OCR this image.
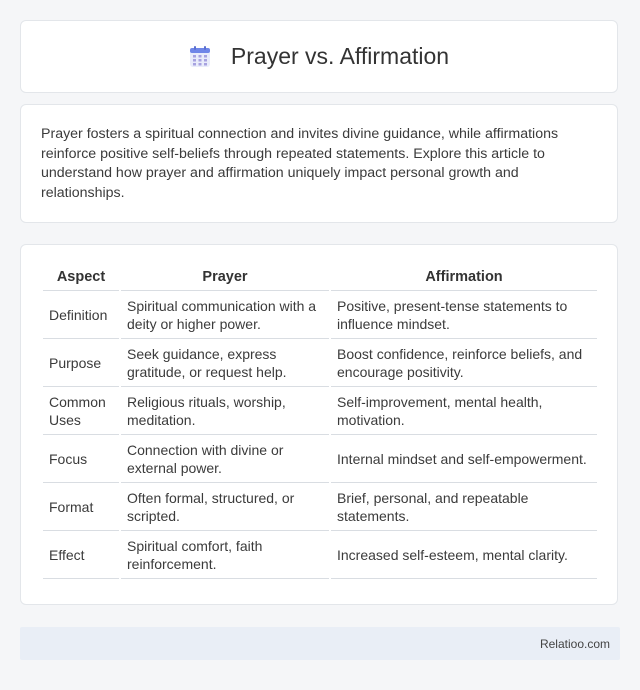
Prayer vs. Affirmation

Prayer fosters a spiritual connection and invites divine guidance, while affirmations reinforce positive self-beliefs through repeated statements. Explore this article to understand how prayer and affirmation uniquely impact personal growth and relationships.

Aspect	Prayer	Affirmation
Definition	Spiritual communication with a deity or higher power.	Positive, present-tense statements to influence mindset.
Purpose	Seek guidance, express gratitude, or request help.	Boost confidence, reinforce beliefs, and encourage positivity.
Common Uses	Religious rituals, worship, meditation.	Self-improvement, mental health, motivation.
Focus	Connection with divine or external power.	Internal mindset and self-empowerment.
Format	Often formal, structured, or scripted.	Brief, personal, and repeatable statements.
Effect	Spiritual comfort, faith reinforcement.	Increased self-esteem, mental clarity.
Relatioo.com
